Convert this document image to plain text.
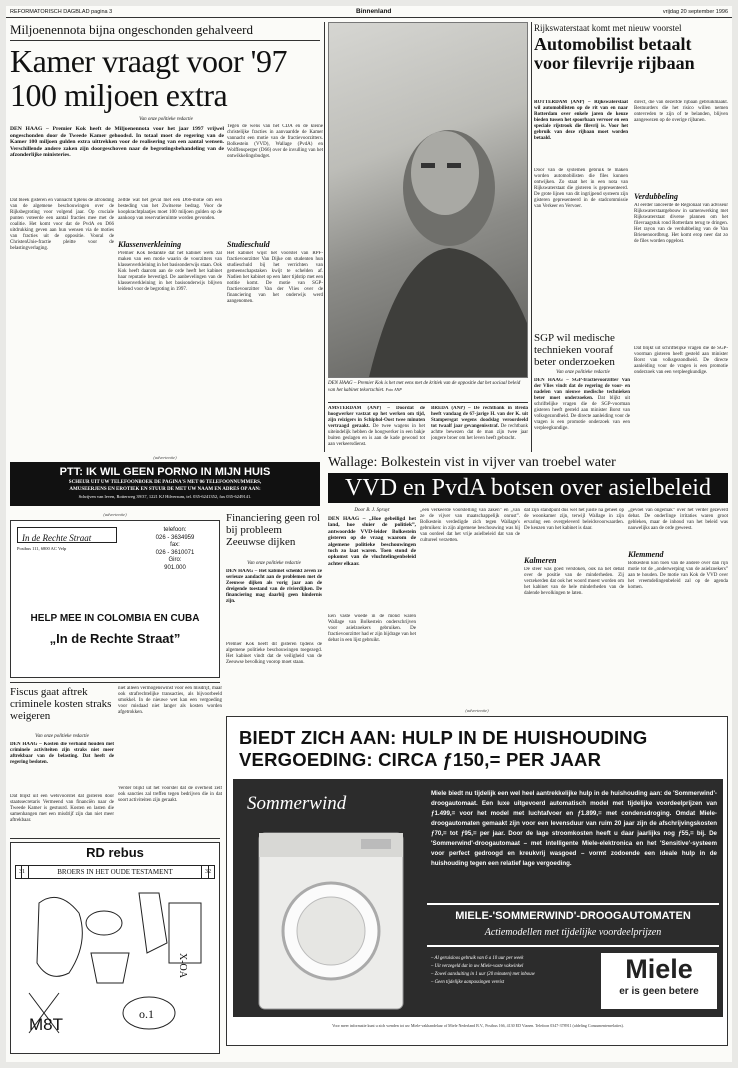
REFORMATORISCH DAGBLAD pagina 3	Binnenland	vrijdag 20 september 1996
Miljoenennota bijna ongeschonden gehalveerd
Kamer vraagt voor '97
100 miljoen extra
Van onze politieke redactie
DEN HAAG – Premier Kok heeft de Miljoenennota voor het jaar 1997 vrijwel ongeschonden door de Tweede Kamer gehoodsd. In totaal moet de regering van de Kamer 100 miljoen gulden extra uittrekken voor de realisering van een aantal wensen. Verschillende andere zaken zijn doorgeschoven naar de begrotingsbehandeling van de afzonderlijke ministeries.
Dat bleek gisteren en vannacht tijdens de afronding van de algemene beschouwingen over de Rijksbegroting voor volgend jaar. Op cruciale punten voteerde een aantal fracties mee met de coalitie. Het komt voor dat de PvdA en D66 uitdrukking geven aan hun wensen via de moties van fracties uit de oppositie. Vooral de ChristenUnie-fractie pleitte voor de belastingverlaging.
zelfde wat het geval met een D66-motie om een besteding van het Zwitserse bedrag. Voor de koopkrachtplaatjes moet 100 miljoen gulden op de aankoop van reservatieruimte worden gevonden.
Klassenverkleining
Premier Kok bedankte dat het kabinet werk zal maken van een motie waarin de voorzitters van klassenverkleining in het basisonderwijs staan. Ook Kok heeft daarom aan de orde heeft het kabinet haar reputatie bevestigd. De aanbevelingen van de klassenverkleining in het basisonderwijs blijven leidend voor de begroting in 1997.
Tegen de wens van het CDA en de kleine christelijke fracties in aanvaardde de Kamer vannacht een motie van de fractievoorzitters. Bolkestein (VVD), Wallage (PvdA) en Wolffensperger (D66) over de invulling van het ontwikkelingsbudget.
Studieschuld
Het kabinet wijst het voorstel van RPF-fractievoorzitter Van Dijke om studenten hun studieschuld bij het verrichten van gemeenschapstaken kwijt te schelden af. Nadien het kabinet op een later tijdstip met een notitie komt. De motie van SGP-fractievoorzitter Van der Vlies over de financiering van het onderwijs werd aangenomen.
DEN HAAG – Premier Kok is het met eens met de kritiek van de oppositie dat het sociaal beleid van het kabinet tekortschiet. Foto ANP
AMSTERDAM (ANP) – Doordat de hoogwerker vastzat op het werken om tijd, zijn reizigers in Schiphol-Oost twee minuten vertraagd geraakt. De twee wagens in het uiteindelijk hebben de hoogwerker in een bakje buiten geslagen en is aan de kade gewond tot aan verkeersdienst.
BREDA (ANP) – De rechtbank in Breda heeft vandaag de 67-jarige H. van der K. uit Stampersgat wegens doodslag veroordeeld tot twaalf jaar gevangenisstraf. De rechtbank achtte bewezen dat de man zijn twee jaar jongere broer om het leven heeft gebracht.
Rijkswaterstaat komt met nieuw voorstel
Automobilist betaalt voor filevrije rijbaan
ROTTERDAM (ANP) – Rijkswaterstaat wil automobilisten op de rit van en naar Rotterdam over enkele jaren de keuze bieden tussen het spoorbaan vervoer en een speciale rijstrook die filevrij is. Voor het gebruik van deze rijbaan moet worden betaald.
Door van de systemen gebruik te maken worden automobilisten die files kunnen ontwijken. Zo staat het in een nota van Rijkswaterstaat die gisteren is gepresenteerd. De grote lijnen van dit ingrijpend systeem zijn gisteren gepresenteerd in de stadcommissie van Verkeer en Vervoer.
direct, die van dezelfde rijbaan gebruikmaakt. Bestuurders die het risico willen nemen ontevreden te zijn of te belanden, blijven aangewezen op de overige rijbanen.
Verdubbeling
Al eerder lanceerde de Regionaal van adviseur Rijkswaterstaatgebouw in samenwerking met Rijkswaterstaat diverse plannen om het filevraagstuk rond Rotterdam terug te dringen. Het rayon van de verdubbeling van de Van Brienenoordbrug. Het komt erop neer dat zo de files worden opgelost.
SGP wil medische technieken vooraf beter onderzoeken
Van onze politieke redactie
DEN HAAG – SGP-fractievoorzitter Van der Vlies vindt dat de regering de voor- en nadelen van nieuwe medische technieken beter moet onderzoeken. Dat blijkt uit schriftelijke vragen die de SGP-voorman gisteren heeft gesteld aan minister Borst van volksgezondheid. De directe aanleiding voor de vragen is een promotie onderzoek van een verpleegkundige.
Dat blijkt uit schriftelijke vragen die de SGP-voorman gisteren heeft gesteld aan minister Borst van volksgezondheid. De directe aanleiding voor de vragen is een promotie onderzoek van een verpleegkundige.
(advertentie)
PTT: IK WIL GEEN PORNO IN MIJN HUIS
SCHEUR UIT UW TELEFOONBOEK DE PAGINA'S MET 06 TELEFOONNUMMERS,
AMUSEERJENS EN EROTIEK EN STUUR DE MET UW NAAM EN ADRES OP AAN:
Schrijven van leven, Rotterweg 39/37, 1221 KJ Hilversum, tel. 035-6241352, fax 035-6249141.
Wallage: Bolkestein vist in vijver van troebel water
VVD en PvdA botsen over asielbeleid
Door B. J. Spruyt
DEN HAAG – „Hoe gebeiligd het land, hoe sluier de politiek”, antwoordde VVD-leider Bolkestein gisteren op de vraag waarom de algemene politieke beschouwingen toch zo laat waren. Toen stond de opkomst van de vluchtelingenbeleid achter elkaar.
Een vaste woede in de mond waren Wallage van Bolkestein onderschrijven voor asielzoekers gebruiken. De fractievoorzitter had er zijn bijdrage van het debat in een lijst gebruikt.
„een verkeerde voorstelling van zaken” en „van ze de vijver van maatschappelijk onrust”. Bolkestein verdedigde zich tegen Wallage's gebruiken: in zijn algemene beschouwing was hij van oordeel dat het vrije asielbeleid dat van de cultureel verzetten.
dat zijn standpunt dus wel het juiste na geheel op de woonkamer zijn, terwijl Wallage in zijn ervaring een overgeleverd beleidsvoorwaarden. De keuzen van het kabinet is daar.
Kalmeren
De sfeer was goed verstoken, ook na het debat over de positie van de minderheden. Zij verzekerden dat ook het woord moest worden om het kabinet van de hele minderheden van de dalende bevolkingen te laten.
„gevoel van ongemak” over het verder gezeverd debat. De onderlinge irritaties waren groot gebleken, maar de inhoud van het beleid was nauwelijks aan de orde geweest.
Klemmend
Bolkestein kon toen van de andere over dan rijn motie tot de „onderwerping van de asielzoekers” aan te houden. De motie van Kok de VVD over het vreemdelingenbeleid zal op de agenda komen.
Financiering geen rol bij probleem Zeeuwse dijken
Van onze politieke redactie
DEN HAAG – Het kabinet schenkt zeven ze serieuze aandacht aan de problemen met de Zeeuwse dijken als vorig jaar aan de dreigende toestand van de rivierdijken. De financiering mag daarbij geen hindernis zijn.
Premier Kok heeft dit gisteren tijdens de algemene politieke beschouwingen toegezegd. Het kabinet vindt dat de veiligheid van de Zeeuwse bevolking voorop moet staan.
(advertentie)
In de Rechte Straat
Postbus 111, 6800 AC Velp
telefoon:
026 - 3634959
fax:
026 - 3610071
Giro:
901.000
HELP MEE IN COLOMBIA EN CUBA
„In de Rechte Straat”
Fiscus gaat aftrek criminele kosten straks weigeren
Van onze politieke redactie
DEN HAAG – Kosten die verband houden met criminele activiteiten zijn straks niet meer aftrekbaar van de belasting. Dat heeft de regering besloten.
Dat blijkt uit een wetsvoorstel dat gisteren door staatssecretaris Vermeend van financiën naar de Tweede Kamer is gestuurd. Kosten en lasten die samenhangen met een misdrijf zijn dan niet meer aftrekbaar.
niet alleen vermogenswinst voor een misdrijf, maar ook strafrechtelijke transacties, als bijvoorbeeld smokkel. In de nieuwe wet kan een vergoeding voor misdaad niet langer als kosten worden afgetrokken.
Verder blijkt uit het voorstel dat de overheid zelf ook sancties zal treffen tegen bedrijven die in dat soort activiteiten zijn geraakt.
RD rebus
BROERS IN HET OUDE TESTAMENT
31	32
M8T
o.1
X-OA
(advertentie)
BIEDT ZICH AAN: HULP IN DE HUISHOUDING
VERGOEDING: CIRCA ƒ150,= PER JAAR
Sommerwind	Miele biedt nu tijdelijk een wel heel aantrekkelijke hulp in de huishouding aan: de 'Sommerwind'-droogautomaat. Een luxe uitgevoerd automatisch model met tijdelijke voordeelprijzen van ƒ1.499,= voor het model met luchtafvoer en ƒ1.899,= met condensdroging. Omdat Miele-droogautomaten gemaakt zijn voor een levensduur van ruim 20 jaar zijn de afschrijvingskosten ƒ70,= tot ƒ95,= per jaar. Door de lage stroomkosten heeft u daar jaarlijks nog ƒ55,= bij. De 'Sommerwind'-droogautomaat – met intelligente Miele-elektronica en het 'Sensitive'-systeem voor perfect gedroogd en kreukvrij wasgoed – vormt zodoende een ideale hulp in de huishouding tegen een relatief lage vergoeding.
MIELE-'SOMMERWIND'-DROOGAUTOMATEN
Actiemodellen met tijdelijke voordeelprijzen
– Al geruisloos gebruik van 6 a 10 uur per week
– Uit verzegeld dat in uw Miele-vaste vakwinkel
– Zowel aansluiting in 1 uur (20 minuten) met inbouw
– Geen tijdelijke aanpassingen vereist	Miele
er is geen betere
Voor meer informatie kunt u zich wenden tot uw Miele-vakhandelaar of Miele Nederland B.V., Postbus 166, 4130 ED Vianen. Telefoon 0347-378911 (afdeling Consumentenrelaties).
